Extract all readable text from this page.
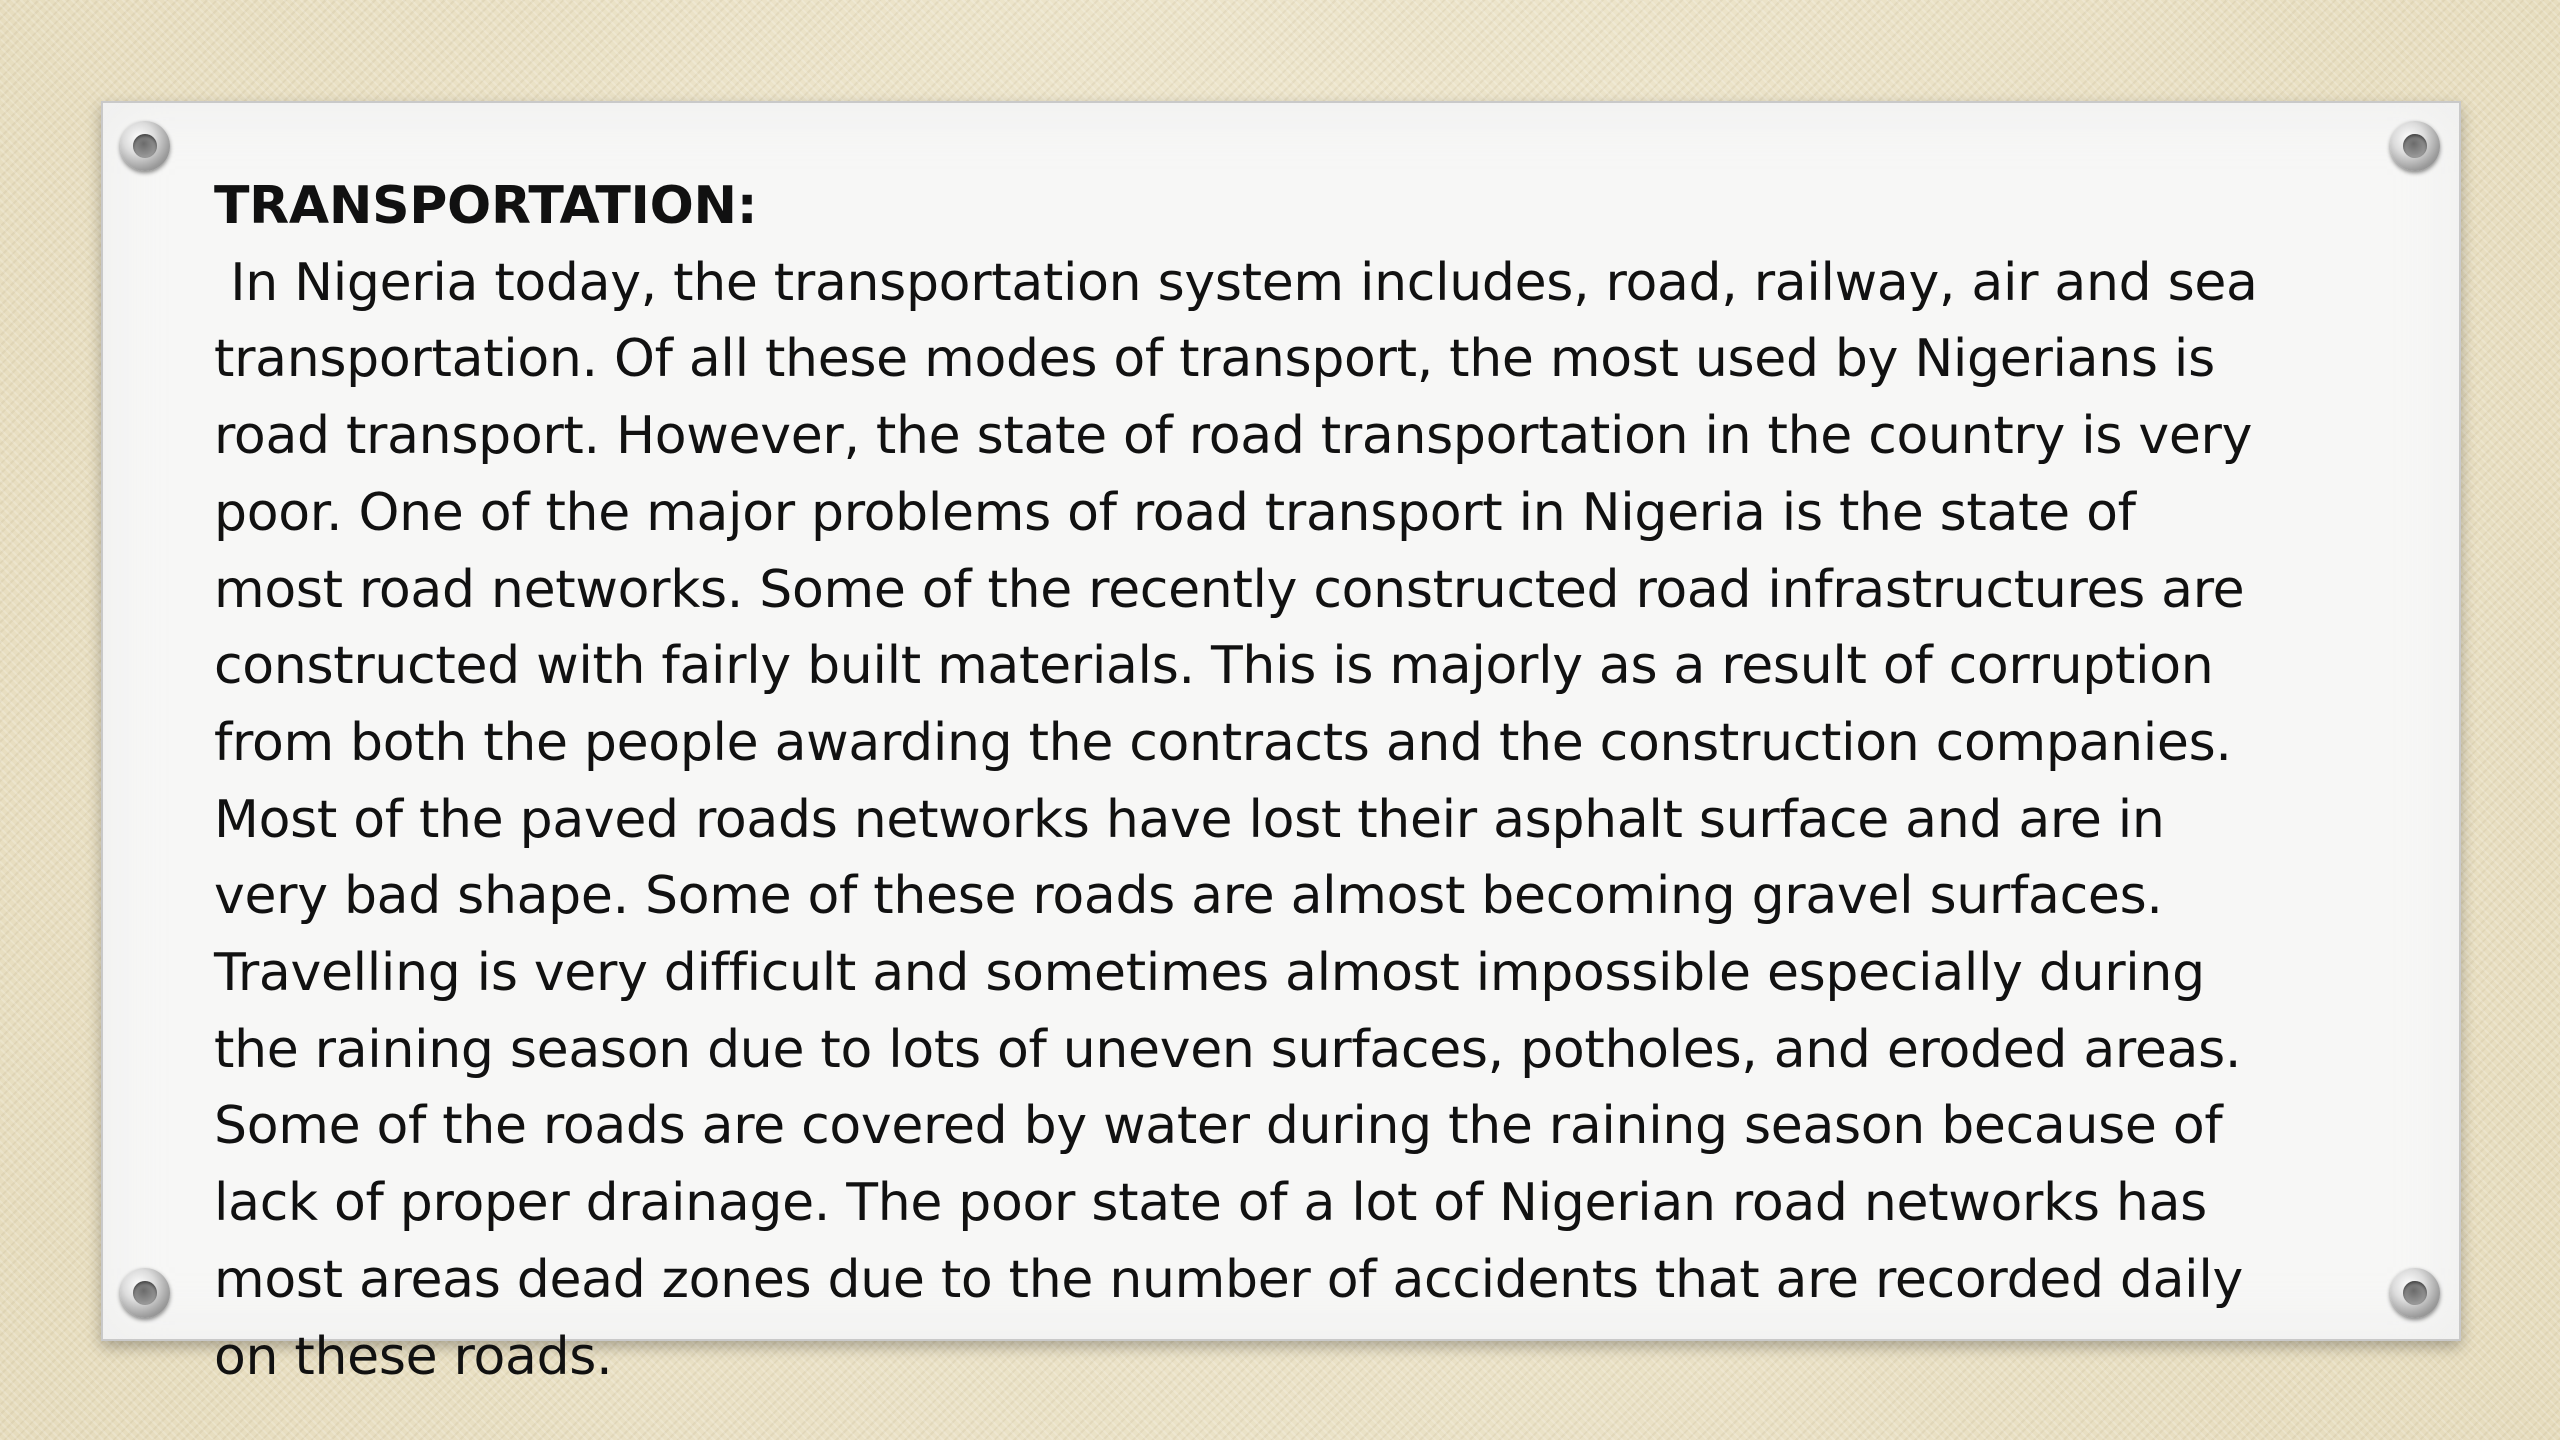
TRANSPORTATION:
In Nigeria today, the transportation system includes, road, railway, air and sea
transportation. Of all these modes of transport, the most used by Nigerians is
road transport. However, the state of road transportation in the country is very
poor. One of the major problems of road transport in Nigeria is the state of
most road networks. Some of the recently constructed road infrastructures are
constructed with fairly built materials. This is majorly as a result of corruption
from both the people awarding the contracts and the construction companies.
Most of the paved roads networks have lost their asphalt surface and are in
very bad shape. Some of these roads are almost becoming gravel surfaces.
Travelling is very difficult and sometimes almost impossible especially during
the raining season due to lots of uneven surfaces, potholes, and eroded areas.
Some of the roads are covered by water during the raining season because of
lack of proper drainage. The poor state of a lot of Nigerian road networks has
most areas dead zones due to the number of accidents that are recorded daily
on these roads.
